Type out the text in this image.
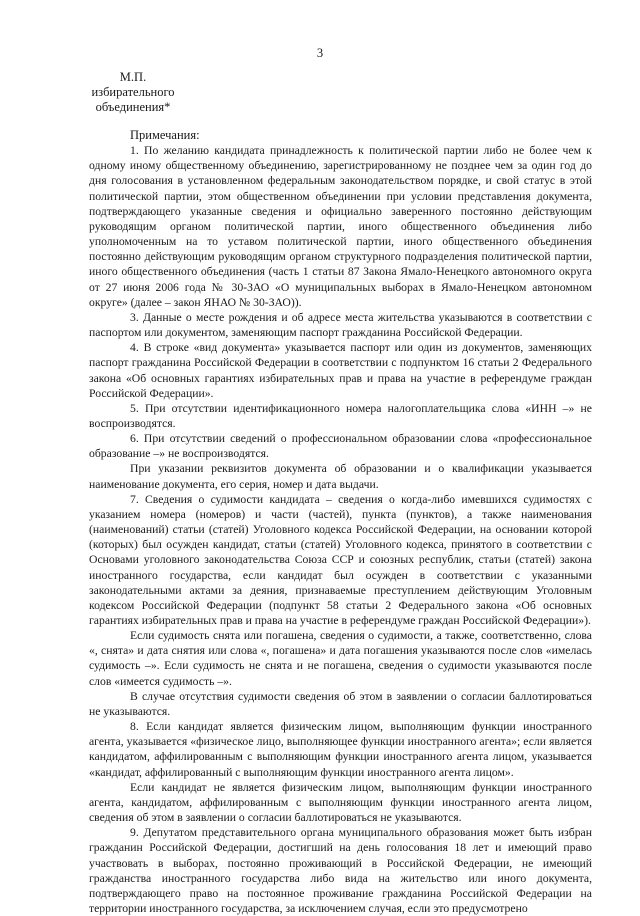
3
М.П.
избирательного
объединения*

Примечания:

1. По желанию кандидата принадлежность к политической партии либо не более чем к одному иному общественному объединению, зарегистрированному не позднее чем за один год до дня голосования в установленном федеральным законодательством порядке, и свой статус в этой политической партии, этом общественном объединении при условии представления документа, подтверждающего указанные сведения и официально заверенного постоянно действующим руководящим органом политической партии, иного общественного объединения либо уполномоченным на то уставом политической партии, иного общественного объединения постоянно действующим руководящим органом структурного подразделения политической партии, иного общественного объединения (часть 1 статьи 87 Закона Ямало-Ненецкого автономного округа от 27 июня 2006 года № 30-ЗАО «О муниципальных выборах в Ямало-Ненецком автономном округе» (далее – закон ЯНАО № 30-ЗАО)).

3. Данные о месте рождения и об адресе места жительства указываются в соответствии с паспортом или документом, заменяющим паспорт гражданина Российской Федерации.

4. В строке «вид документа» указывается паспорт или один из документов, заменяющих паспорт гражданина Российской Федерации в соответствии с подпунктом 16 статьи 2 Федерального закона «Об основных гарантиях избирательных прав и права на участие в референдуме граждан Российской Федерации».

5. При отсутствии идентификационного номера налогоплательщика слова «ИНН –» не воспроизводятся.

6. При отсутствии сведений о профессиональном образовании слова «профессиональное образование –» не воспроизводятся.

При указании реквизитов документа об образовании и о квалификации указывается наименование документа, его серия, номер и дата выдачи.

7. Сведения о судимости кандидата – сведения о когда-либо имевшихся судимостях с указанием номера (номеров) и части (частей), пункта (пунктов), а также наименования (наименований) статьи (статей) Уголовного кодекса Российской Федерации, на основании которой (которых) был осужден кандидат, статьи (статей) Уголовного кодекса, принятого в соответствии с Основами уголовного законодательства Союза ССР и союзных республик, статьи (статей) закона иностранного государства, если кандидат был осужден в соответствии с указанными законодательными актами за деяния, признаваемые преступлением действующим Уголовным кодексом Российской Федерации (подпункт 58 статьи 2 Федерального закона «Об основных гарантиях избирательных прав и права на участие в референдуме граждан Российской Федерации»).

Если судимость снята или погашена, сведения о судимости, а также, соответственно, слова «, снята» и дата снятия или слова «, погашена» и дата погашения указываются после слов «имелась судимость –». Если судимость не снята и не погашена, сведения о судимости указываются после слов «имеется судимость –».

В случае отсутствия судимости сведения об этом в заявлении о согласии баллотироваться не указываются.

8. Если кандидат является физическим лицом, выполняющим функции иностранного агента, указывается «физическое лицо, выполняющее функции иностранного агента»; если является кандидатом, аффилированным с выполняющим функции иностранного агента лицом, указывается «кандидат, аффилированный с выполняющим функции иностранного агента лицом».

Если кандидат не является физическим лицом, выполняющим функции иностранного агента, кандидатом, аффилированным с выполняющим функции иностранного агента лицом, сведения об этом в заявлении о согласии баллотироваться не указываются.

9. Депутатом представительного органа муниципального образования может быть избран гражданин Российской Федерации, достигший на день голосования 18 лет и имеющий право участвовать в выборах, постоянно проживающий в Российской Федерации, не имеющий гражданства иностранного государства либо вида на жительство или иного документа, подтверждающего право на постоянное проживание гражданина Российской Федерации на территории иностранного государства, за исключением случая, если это предусмотрено
